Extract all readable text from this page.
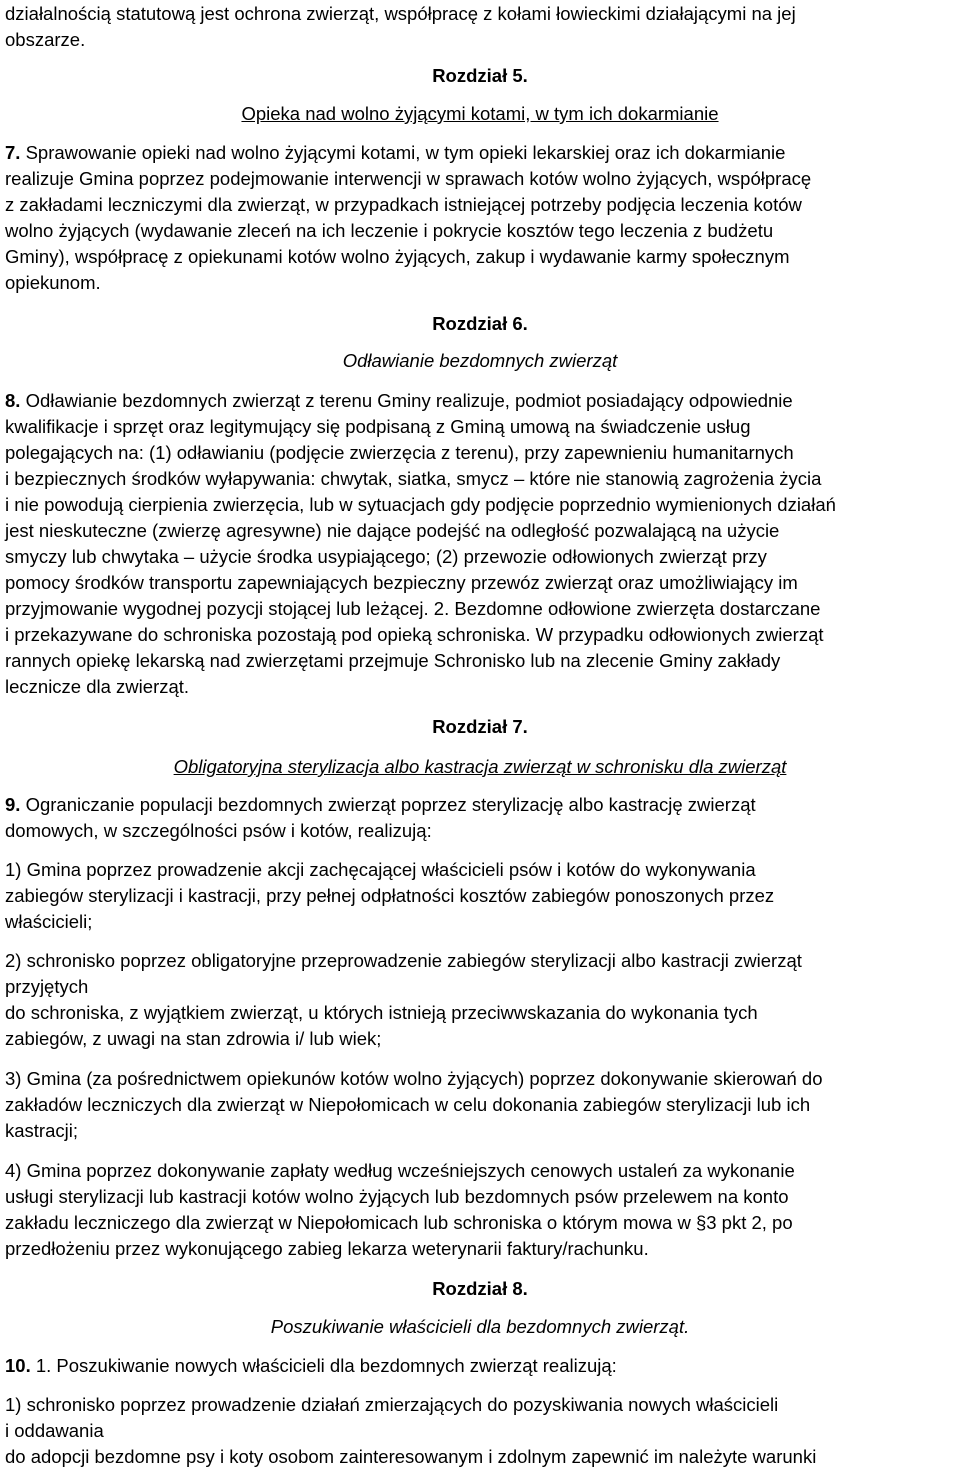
działalnością statutową jest ochrona zwierząt, współpracę z kołami łowieckimi działającymi na jej

obszarze.

Rozdział 5.

Opieka nad wolno żyjącymi kotami, w tym ich dokarmianie

7. Sprawowanie opieki nad wolno żyjącymi kotami, w tym opieki lekarskiej oraz ich dokarmianie

realizuje Gmina poprzez podejmowanie interwencji w sprawach kotów wolno żyjących, współpracę

z zakładami leczniczymi dla zwierząt, w przypadkach istniejącej potrzeby podjęcia leczenia kotów

wolno żyjących (wydawanie zleceń na ich leczenie i pokrycie kosztów tego leczenia z budżetu

Gminy), współpracę z opiekunami kotów wolno żyjących, zakup i wydawanie karmy społecznym

opiekunom.

Rozdział 6.

Odławianie bezdomnych zwierząt

8. Odławianie bezdomnych zwierząt z terenu Gminy realizuje, podmiot posiadający odpowiednie

kwalifikacje i sprzęt oraz legitymujący się podpisaną z Gminą umową na świadczenie usług

polegających na: (1) odławianiu (podjęcie zwierzęcia z terenu), przy zapewnieniu humanitarnych

i bezpiecznych środków wyłapywania: chwytak, siatka, smycz – które nie stanowią zagrożenia życia

i nie powodują cierpienia zwierzęcia, lub w sytuacjach gdy podjęcie poprzednio wymienionych działań

jest nieskuteczne (zwierzę agresywne) nie dające podejść na odległość pozwalającą na użycie

smyczy lub chwytaka – użycie środka usypiającego; (2) przewozie odłowionych zwierząt przy

pomocy środków transportu zapewniających bezpieczny przewóz zwierząt oraz umożliwiający im

przyjmowanie wygodnej pozycji stojącej lub leżącej. 2. Bezdomne odłowione zwierzęta dostarczane

i przekazywane do schroniska pozostają pod opieką schroniska. W przypadku odłowionych zwierząt

rannych opiekę lekarską nad zwierzętami przejmuje Schronisko lub na zlecenie Gminy zakłady

lecznicze dla zwierząt.

Rozdział 7.

Obligatoryjna sterylizacja albo kastracja zwierząt w schronisku dla zwierząt

9. Ograniczanie populacji bezdomnych zwierząt poprzez sterylizację albo kastrację zwierząt

domowych, w szczególności psów i kotów, realizują:

1) Gmina poprzez prowadzenie akcji zachęcającej właścicieli psów i kotów do wykonywania

zabiegów sterylizacji i kastracji, przy pełnej odpłatności kosztów zabiegów ponoszonych przez

właścicieli;

2) schronisko poprzez obligatoryjne przeprowadzenie zabiegów sterylizacji albo kastracji zwierząt

przyjętych

do schroniska, z wyjątkiem zwierząt, u których istnieją przeciwwskazania do wykonania tych

zabiegów, z uwagi na stan zdrowia i/ lub wiek;

3) Gmina (za pośrednictwem opiekunów kotów wolno żyjących) poprzez dokonywanie skierowań do

zakładów leczniczych dla zwierząt w Niepołomicach w celu dokonania zabiegów sterylizacji lub ich

kastracji;

4) Gmina poprzez dokonywanie zapłaty według wcześniejszych cenowych ustaleń za wykonanie

usługi sterylizacji lub kastracji kotów wolno żyjących lub bezdomnych psów przelewem na konto

zakładu leczniczego dla zwierząt w Niepołomicach lub schroniska o którym mowa w §3 pkt 2, po

przedłożeniu przez wykonującego zabieg lekarza weterynarii faktury/rachunku.

Rozdział 8.

Poszukiwanie właścicieli dla bezdomnych zwierząt.

10. 1. Poszukiwanie nowych właścicieli dla bezdomnych zwierząt realizują:

1) schronisko poprzez prowadzenie działań zmierzających do pozyskiwania nowych właścicieli

i oddawania

do adopcji bezdomne psy i koty osobom zainteresowanym i zdolnym zapewnić im należyte warunki
